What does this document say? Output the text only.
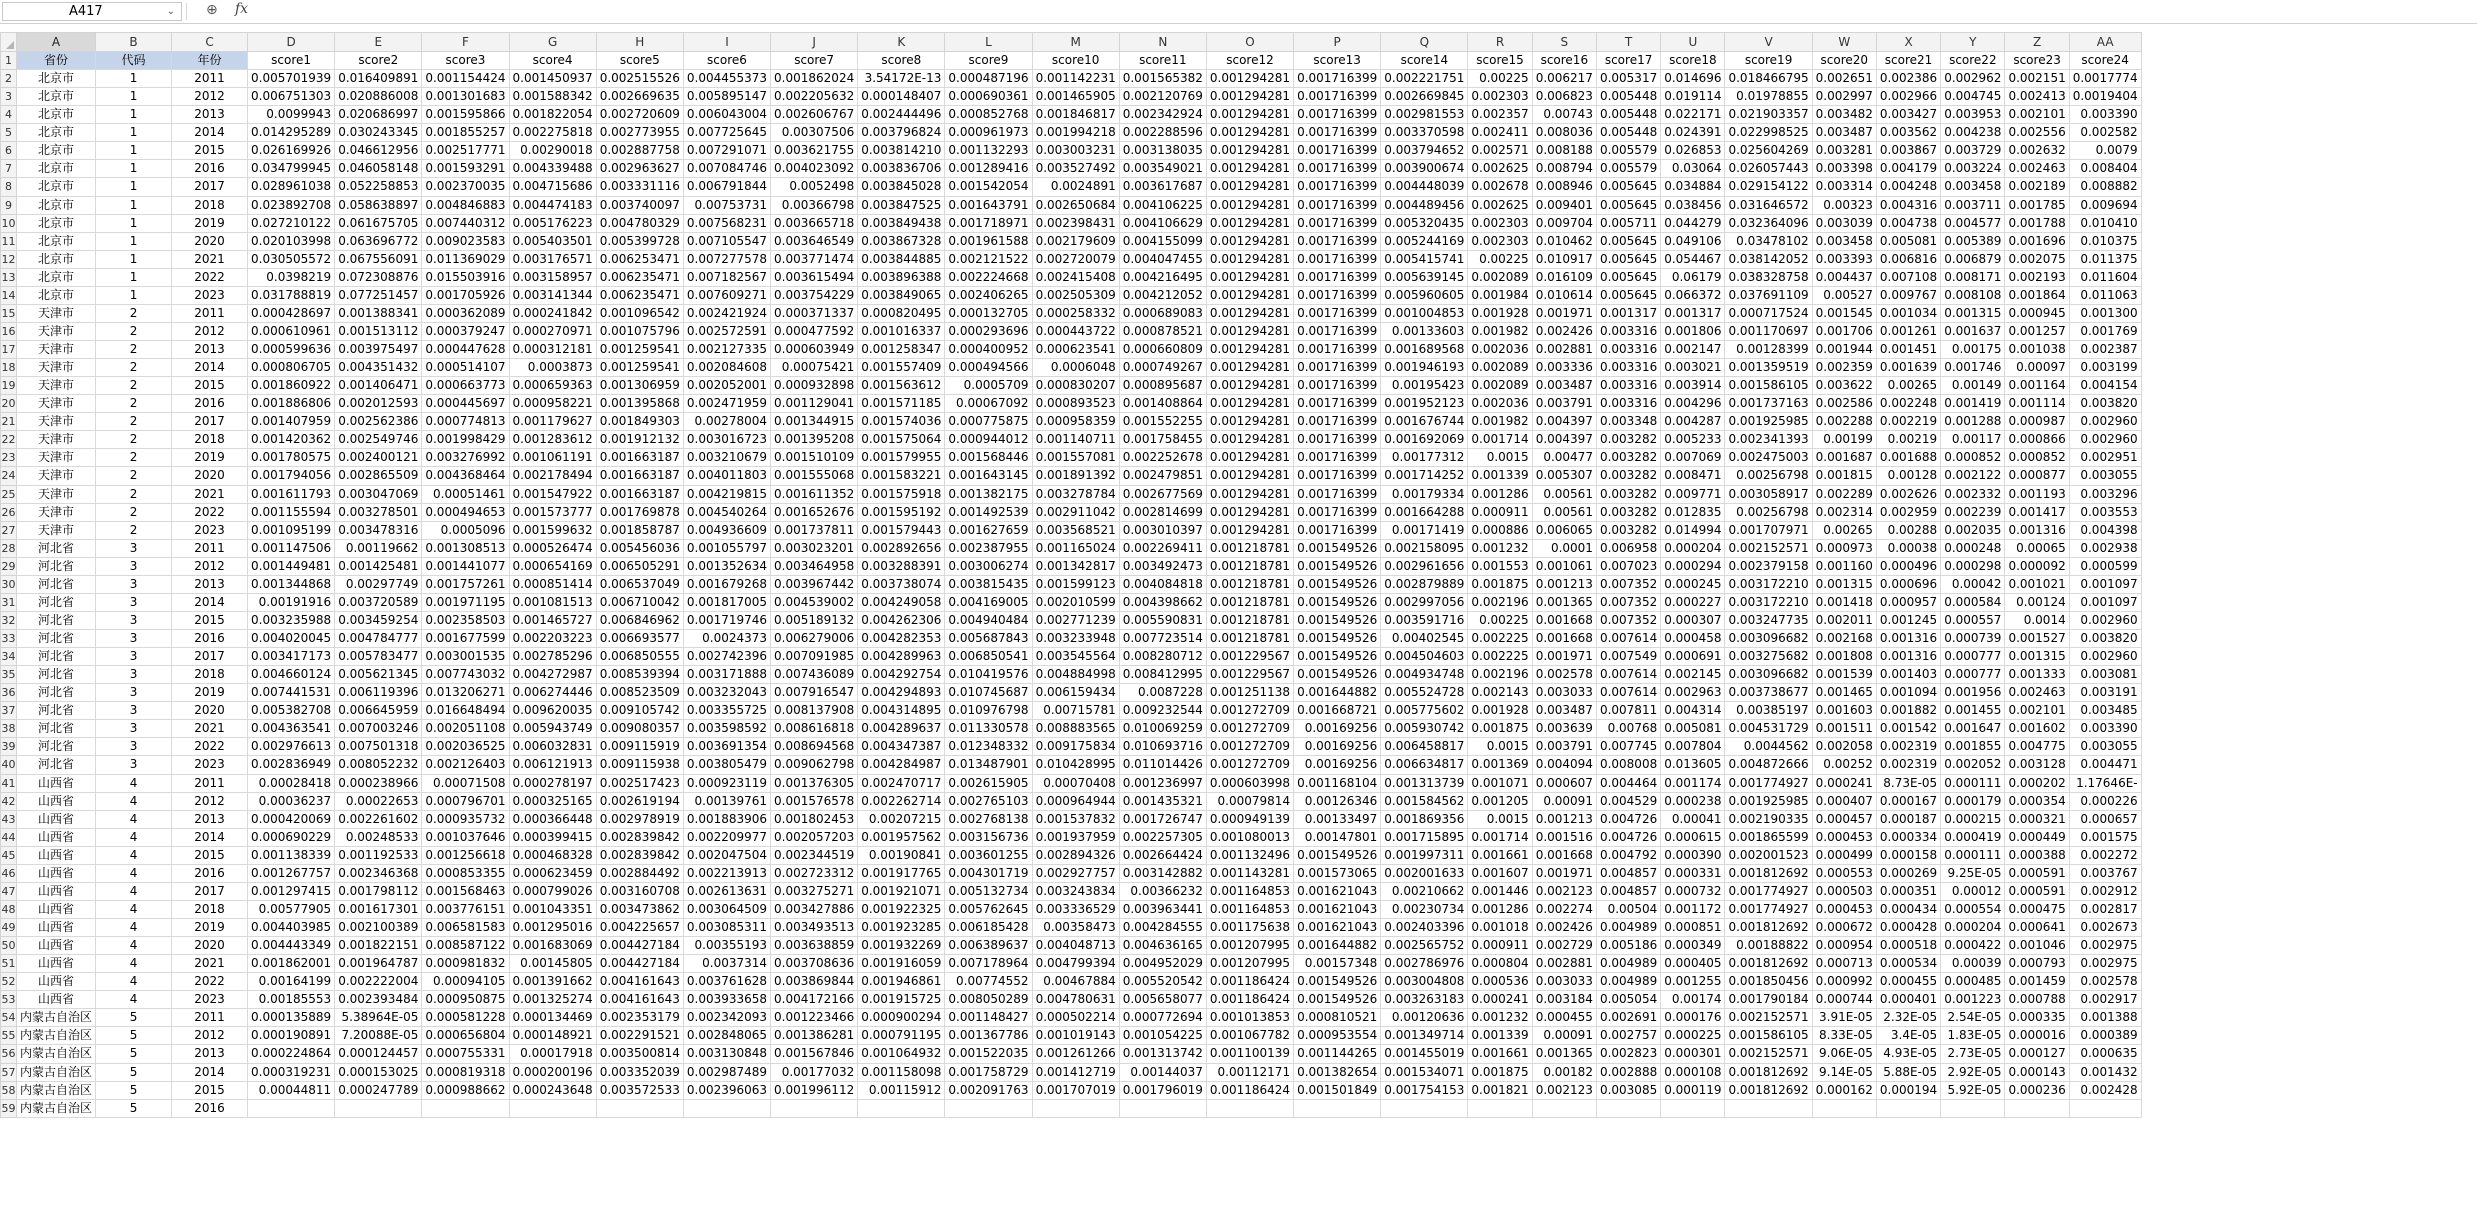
A417	⌄ ⊕ fx
	A	B	C	D	E	F	G	H	I	J	K	L	M	N	O	P	Q	R	S	T	U	V	W	X	Y	Z	AA
1	省份	代码	年份	score1	score2	score3	score4	score5	score6	score7	score8	score9	score10	score11	score12	score13	score14	score15	score16	score17	score18	score19	score20	score21	score22	score23	score24
2	北京市	1	2011	0.005701939	0.016409891	0.001154424	0.001450937	0.002515526	0.004455373	0.001862024	3.54172E-13	0.000487196	0.001142231	0.001565382	0.001294281	0.001716399	0.002221751	0.00225	0.006217	0.005317	0.014696	0.018466795	0.002651	0.002386	0.002962	0.002151	0.0017774
3	北京市	1	2012	0.006751303	0.020886008	0.001301683	0.001588342	0.002669635	0.005895147	0.002205632	0.000148407	0.000690361	0.001465905	0.002120769	0.001294281	0.001716399	0.002669845	0.002303	0.006823	0.005448	0.019114	0.01978855	0.002997	0.002966	0.004745	0.002413	0.0019404
4	北京市	1	2013	0.0099943	0.020686997	0.001595866	0.001822054	0.002720609	0.006043004	0.002606767	0.002444496	0.000852768	0.001846817	0.002342924	0.001294281	0.001716399	0.002981553	0.002357	0.00743	0.005448	0.022171	0.021903357	0.003482	0.003427	0.003953	0.002101	0.003390
5	北京市	1	2014	0.014295289	0.030243345	0.001855257	0.002275818	0.002773955	0.007725645	0.00307506	0.003796824	0.000961973	0.001994218	0.002288596	0.001294281	0.001716399	0.003370598	0.002411	0.008036	0.005448	0.024391	0.022998525	0.003487	0.003562	0.004238	0.002556	0.002582
6	北京市	1	2015	0.026169926	0.046612956	0.002517771	0.00290018	0.002887758	0.007291071	0.003621755	0.003814210	0.001132293	0.003003231	0.003138035	0.001294281	0.001716399	0.003794652	0.002571	0.008188	0.005579	0.026853	0.025604269	0.003281	0.003867	0.003729	0.002632	0.0079
7	北京市	1	2016	0.034799945	0.046058148	0.001593291	0.004339488	0.002963627	0.007084746	0.004023092	0.003836706	0.001289416	0.003527492	0.003549021	0.001294281	0.001716399	0.003900674	0.002625	0.008794	0.005579	0.03064	0.026057443	0.003398	0.004179	0.003224	0.002463	0.008404
8	北京市	1	2017	0.028961038	0.052258853	0.002370035	0.004715686	0.003331116	0.006791844	0.0052498	0.003845028	0.001542054	0.0024891	0.003617687	0.001294281	0.001716399	0.004448039	0.002678	0.008946	0.005645	0.034884	0.029154122	0.003314	0.004248	0.003458	0.002189	0.008882
9	北京市	1	2018	0.023892708	0.058638897	0.004846883	0.004474183	0.003740097	0.00753731	0.00366798	0.003847525	0.001643791	0.002650684	0.004106225	0.001294281	0.001716399	0.004489456	0.002625	0.009401	0.005645	0.038456	0.031646572	0.00323	0.004316	0.003711	0.001785	0.009694
10	北京市	1	2019	0.027210122	0.061675705	0.007440312	0.005176223	0.004780329	0.007568231	0.003665718	0.003849438	0.001718971	0.002398431	0.004106629	0.001294281	0.001716399	0.005320435	0.002303	0.009704	0.005711	0.044279	0.032364096	0.003039	0.004738	0.004577	0.001788	0.010410
11	北京市	1	2020	0.020103998	0.063696772	0.009023583	0.005403501	0.005399728	0.007105547	0.003646549	0.003867328	0.001961588	0.002179609	0.004155099	0.001294281	0.001716399	0.005244169	0.002303	0.010462	0.005645	0.049106	0.03478102	0.003458	0.005081	0.005389	0.001696	0.010375
12	北京市	1	2021	0.030505572	0.067556091	0.011369029	0.003176571	0.006253471	0.007277578	0.003771474	0.003844885	0.002121522	0.002720079	0.004047455	0.001294281	0.001716399	0.005415741	0.00225	0.010917	0.005645	0.054467	0.038142052	0.003393	0.006816	0.006879	0.002075	0.011375
13	北京市	1	2022	0.0398219	0.072308876	0.015503916	0.003158957	0.006235471	0.007182567	0.003615494	0.003896388	0.002224668	0.002415408	0.004216495	0.001294281	0.001716399	0.005639145	0.002089	0.016109	0.005645	0.06179	0.038328758	0.004437	0.007108	0.008171	0.002193	0.011604
14	北京市	1	2023	0.031788819	0.077251457	0.001705926	0.003141344	0.006235471	0.007609271	0.003754229	0.003849065	0.002406265	0.002505309	0.004212052	0.001294281	0.001716399	0.005960605	0.001984	0.010614	0.005645	0.066372	0.037691109	0.00527	0.009767	0.008108	0.001864	0.011063
15	天津市	2	2011	0.000428697	0.001388341	0.000362089	0.000241842	0.001096542	0.002421924	0.000371337	0.000820495	0.000132705	0.000258332	0.000689083	0.001294281	0.001716399	0.001004853	0.001928	0.001971	0.001317	0.001317	0.000717524	0.001545	0.001034	0.001315	0.000945	0.001300
16	天津市	2	2012	0.000610961	0.001513112	0.000379247	0.000270971	0.001075796	0.002572591	0.000477592	0.001016337	0.000293696	0.000443722	0.000878521	0.001294281	0.001716399	0.00133603	0.001982	0.002426	0.003316	0.001806	0.001170697	0.001706	0.001261	0.001637	0.001257	0.001769
17	天津市	2	2013	0.000599636	0.003975497	0.000447628	0.000312181	0.001259541	0.002127335	0.000603949	0.001258347	0.000400952	0.000623541	0.000660809	0.001294281	0.001716399	0.001689568	0.002036	0.002881	0.003316	0.002147	0.00128399	0.001944	0.001451	0.00175	0.001038	0.002387
18	天津市	2	2014	0.000806705	0.004351432	0.000514107	0.0003873	0.001259541	0.002084608	0.00075421	0.001557409	0.000494566	0.0006048	0.000749267	0.001294281	0.001716399	0.001946193	0.002089	0.003336	0.003316	0.003021	0.001359519	0.002359	0.001639	0.001746	0.00097	0.003199
19	天津市	2	2015	0.001860922	0.001406471	0.000663773	0.000659363	0.001306959	0.002052001	0.000932898	0.001563612	0.0005709	0.000830207	0.000895687	0.001294281	0.001716399	0.00195423	0.002089	0.003487	0.003316	0.003914	0.001586105	0.003622	0.00265	0.00149	0.001164	0.004154
20	天津市	2	2016	0.001886806	0.002012593	0.000445697	0.000958221	0.001395868	0.002471959	0.001129041	0.001571185	0.00067092	0.000893523	0.001408864	0.001294281	0.001716399	0.001952123	0.002036	0.003791	0.003316	0.004296	0.001737163	0.002586	0.002248	0.001419	0.001114	0.003820
21	天津市	2	2017	0.001407959	0.002562386	0.000774813	0.001179627	0.001849303	0.00278004	0.001344915	0.001574036	0.000775875	0.000958359	0.001552255	0.001294281	0.001716399	0.001676744	0.001982	0.004397	0.003348	0.004287	0.001925985	0.002288	0.002219	0.001288	0.000987	0.002960
22	天津市	2	2018	0.001420362	0.002549746	0.001998429	0.001283612	0.001912132	0.003016723	0.001395208	0.001575064	0.000944012	0.001140711	0.001758455	0.001294281	0.001716399	0.001692069	0.001714	0.004397	0.003282	0.005233	0.002341393	0.00199	0.00219	0.00117	0.000866	0.002960
23	天津市	2	2019	0.001780575	0.002400121	0.003276992	0.001061191	0.001663187	0.003210679	0.001510109	0.001579955	0.001568446	0.001557081	0.002252678	0.001294281	0.001716399	0.00177312	0.0015	0.00477	0.003282	0.007069	0.002475003	0.001687	0.001688	0.000852	0.000852	0.002951
24	天津市	2	2020	0.001794056	0.002865509	0.004368464	0.002178494	0.001663187	0.004011803	0.001555068	0.001583221	0.001643145	0.001891392	0.002479851	0.001294281	0.001716399	0.001714252	0.001339	0.005307	0.003282	0.008471	0.00256798	0.001815	0.00128	0.002122	0.000877	0.003055
25	天津市	2	2021	0.001611793	0.003047069	0.00051461	0.001547922	0.001663187	0.004219815	0.001611352	0.001575918	0.001382175	0.003278784	0.002677569	0.001294281	0.001716399	0.00179334	0.001286	0.00561	0.003282	0.009771	0.003058917	0.002289	0.002626	0.002332	0.001193	0.003296
26	天津市	2	2022	0.001155594	0.003278501	0.000494653	0.001573777	0.001769878	0.004540264	0.001652676	0.001595192	0.001492539	0.002911042	0.002814699	0.001294281	0.001716399	0.001664288	0.000911	0.00561	0.003282	0.012835	0.00256798	0.002314	0.002959	0.002239	0.001417	0.003553
27	天津市	2	2023	0.001095199	0.003478316	0.0005096	0.001599632	0.001858787	0.004936609	0.001737811	0.001579443	0.001627659	0.003568521	0.003010397	0.001294281	0.001716399	0.00171419	0.000886	0.006065	0.003282	0.014994	0.001707971	0.00265	0.00288	0.002035	0.001316	0.004398
28	河北省	3	2011	0.001147506	0.00119662	0.001308513	0.000526474	0.005456036	0.001055797	0.003023201	0.002892656	0.002387955	0.001165024	0.002269411	0.001218781	0.001549526	0.002158095	0.001232	0.0001	0.006958	0.000204	0.002152571	0.000973	0.00038	0.000248	0.00065	0.002938
29	河北省	3	2012	0.001449481	0.001425481	0.001441077	0.000654169	0.006505291	0.001352634	0.003464958	0.003288391	0.003006274	0.001342817	0.003492473	0.001218781	0.001549526	0.002961656	0.001553	0.001061	0.007023	0.000294	0.002379158	0.001160	0.000496	0.000298	0.000092	0.000599
30	河北省	3	2013	0.001344868	0.00297749	0.001757261	0.000851414	0.006537049	0.001679268	0.003967442	0.003738074	0.003815435	0.001599123	0.004084818	0.001218781	0.001549526	0.002879889	0.001875	0.001213	0.007352	0.000245	0.003172210	0.001315	0.000696	0.00042	0.001021	0.001097
31	河北省	3	2014	0.00191916	0.003720589	0.001971195	0.001081513	0.006710042	0.001817005	0.004539002	0.004249058	0.004169005	0.002010599	0.004398662	0.001218781	0.001549526	0.002997056	0.002196	0.001365	0.007352	0.000227	0.003172210	0.001418	0.000957	0.000584	0.00124	0.001097
32	河北省	3	2015	0.003235988	0.003459254	0.002358503	0.001465727	0.006846962	0.001719746	0.005189132	0.004262306	0.004940484	0.002771239	0.005590831	0.001218781	0.001549526	0.003591716	0.00225	0.001668	0.007352	0.000307	0.003247735	0.002011	0.001245	0.000557	0.0014	0.002960
33	河北省	3	2016	0.004020045	0.004784777	0.001677599	0.002203223	0.006693577	0.0024373	0.006279006	0.004282353	0.005687843	0.003233948	0.007723514	0.001218781	0.001549526	0.00402545	0.002225	0.001668	0.007614	0.000458	0.003096682	0.002168	0.001316	0.000739	0.001527	0.003820
34	河北省	3	2017	0.003417173	0.005783477	0.003001535	0.002785296	0.006850555	0.002742396	0.007091985	0.004289963	0.006850541	0.003545564	0.008280712	0.001229567	0.001549526	0.004504603	0.002225	0.001971	0.007549	0.000691	0.003275682	0.001808	0.001316	0.000777	0.001315	0.002960
35	河北省	3	2018	0.004660124	0.005621345	0.007743032	0.004272987	0.008539394	0.003171888	0.007436089	0.004292754	0.010419576	0.004884998	0.008412995	0.001229567	0.001549526	0.004934748	0.002196	0.002578	0.007614	0.002145	0.003096682	0.001539	0.001403	0.000777	0.001333	0.003081
36	河北省	3	2019	0.007441531	0.006119396	0.013206271	0.006274446	0.008523509	0.003232043	0.007916547	0.004294893	0.010745687	0.006159434	0.0087228	0.001251138	0.001644882	0.005524728	0.002143	0.003033	0.007614	0.002963	0.003738677	0.001465	0.001094	0.001956	0.002463	0.003191
37	河北省	3	2020	0.005382708	0.006645959	0.016648494	0.009620035	0.009105742	0.003355725	0.008137908	0.004314895	0.010976798	0.00715781	0.009232544	0.001272709	0.001668721	0.005775602	0.001928	0.003487	0.007811	0.004314	0.00385197	0.001603	0.001882	0.001455	0.002101	0.003485
38	河北省	3	2021	0.004363541	0.007003246	0.002051108	0.005943749	0.009080357	0.003598592	0.008616818	0.004289637	0.011330578	0.008883565	0.010069259	0.001272709	0.00169256	0.005930742	0.001875	0.003639	0.00768	0.005081	0.004531729	0.001511	0.001542	0.001647	0.001602	0.003390
39	河北省	3	2022	0.002976613	0.007501318	0.002036525	0.006032831	0.009115919	0.003691354	0.008694568	0.004347387	0.012348332	0.009175834	0.010693716	0.001272709	0.00169256	0.006458817	0.0015	0.003791	0.007745	0.007804	0.0044562	0.002058	0.002319	0.001855	0.004775	0.003055
40	河北省	3	2023	0.002836949	0.008052232	0.002126403	0.006121913	0.009115938	0.003805479	0.009062798	0.004284987	0.013487901	0.010428995	0.011014426	0.001272709	0.00169256	0.006634817	0.001369	0.004094	0.008008	0.013605	0.004872666	0.00252	0.002319	0.002052	0.003128	0.004471
41	山西省	4	2011	0.00028418	0.000238966	0.00071508	0.000278197	0.002517423	0.000923119	0.001376305	0.002470717	0.002615905	0.00070408	0.001236997	0.000603998	0.001168104	0.001313739	0.001071	0.000607	0.004464	0.001174	0.001774927	0.000241	8.73E-05	0.000111	0.000202	1.17646E-
42	山西省	4	2012	0.00036237	0.00022653	0.000796701	0.000325165	0.002619194	0.00139761	0.001576578	0.002262714	0.002765103	0.000964944	0.001435321	0.00079814	0.00126346	0.001584562	0.001205	0.00091	0.004529	0.000238	0.001925985	0.000407	0.000167	0.000179	0.000354	0.000226
43	山西省	4	2013	0.000420069	0.002261602	0.000935732	0.000366448	0.002978919	0.001883906	0.001802453	0.00207215	0.002768138	0.001537832	0.001726747	0.000949139	0.00133497	0.001869356	0.0015	0.001213	0.004726	0.00041	0.002190335	0.000457	0.000187	0.000215	0.000321	0.000657
44	山西省	4	2014	0.000690229	0.00248533	0.001037646	0.000399415	0.002839842	0.002209977	0.002057203	0.001957562	0.003156736	0.001937959	0.002257305	0.001080013	0.00147801	0.001715895	0.001714	0.001516	0.004726	0.000615	0.001865599	0.000453	0.000334	0.000419	0.000449	0.001575
45	山西省	4	2015	0.001138339	0.001192533	0.001256618	0.000468328	0.002839842	0.002047504	0.002344519	0.00190841	0.003601255	0.002894326	0.002664424	0.001132496	0.001549526	0.001997311	0.001661	0.001668	0.004792	0.000390	0.002001523	0.000499	0.000158	0.000111	0.000388	0.002272
46	山西省	4	2016	0.001267757	0.002346368	0.000853355	0.000623459	0.002884492	0.002213913	0.002723312	0.001917765	0.004301719	0.002927757	0.003142882	0.001143281	0.001573065	0.002001633	0.001607	0.001971	0.004857	0.000331	0.001812692	0.000553	0.000269	9.25E-05	0.000591	0.003767
47	山西省	4	2017	0.001297415	0.001798112	0.001568463	0.000799026	0.003160708	0.002613631	0.003275271	0.001921071	0.005132734	0.003243834	0.00366232	0.001164853	0.001621043	0.00210662	0.001446	0.002123	0.004857	0.000732	0.001774927	0.000503	0.000351	0.00012	0.000591	0.002912
48	山西省	4	2018	0.00577905	0.001617301	0.003776151	0.001043351	0.003473862	0.003064509	0.003427886	0.001922325	0.005762645	0.003336529	0.003963441	0.001164853	0.001621043	0.00230734	0.001286	0.002274	0.00504	0.001172	0.001774927	0.000453	0.000434	0.000554	0.000475	0.002817
49	山西省	4	2019	0.004403985	0.002100389	0.006581583	0.001295016	0.004225657	0.003085311	0.003493513	0.001923285	0.006185428	0.00358473	0.004284555	0.001175638	0.001621043	0.002403396	0.001018	0.002426	0.004989	0.000851	0.001812692	0.000672	0.000428	0.000204	0.000641	0.002673
50	山西省	4	2020	0.004443349	0.001822151	0.008587122	0.001683069	0.004427184	0.00355193	0.003638859	0.001932269	0.006389637	0.004048713	0.004636165	0.001207995	0.001644882	0.002565752	0.000911	0.002729	0.005186	0.000349	0.00188822	0.000954	0.000518	0.000422	0.001046	0.002975
51	山西省	4	2021	0.001862001	0.001964787	0.000981832	0.00145805	0.004427184	0.0037314	0.003708636	0.001916059	0.007178964	0.004799394	0.004952029	0.001207995	0.00157348	0.002786976	0.000804	0.002881	0.004989	0.000405	0.001812692	0.000713	0.000534	0.00039	0.000793	0.002975
52	山西省	4	2022	0.00164199	0.002222004	0.00094105	0.001391662	0.004161643	0.003761628	0.003869844	0.001946861	0.00774552	0.00467884	0.005520542	0.001186424	0.001549526	0.003004808	0.000536	0.003033	0.004989	0.001255	0.001850456	0.000992	0.000455	0.000485	0.001459	0.002578
53	山西省	4	2023	0.00185553	0.002393484	0.000950875	0.001325274	0.004161643	0.003933658	0.004172166	0.001915725	0.008050289	0.004780631	0.005658077	0.001186424	0.001549526	0.003263183	0.000241	0.003184	0.005054	0.00174	0.001790184	0.000744	0.000401	0.001223	0.000788	0.002917
54	内蒙古自治区	5	2011	0.000135889	5.38964E-05	0.000581228	0.000134469	0.002353179	0.002342093	0.001223466	0.000900294	0.001148427	0.000502214	0.000772694	0.001013853	0.000810521	0.00120636	0.001232	0.000455	0.002691	0.000176	0.002152571	3.91E-05	2.32E-05	2.54E-05	0.000335	0.001388
55	内蒙古自治区	5	2012	0.000190891	7.20088E-05	0.000656804	0.000148921	0.002291521	0.002848065	0.001386281	0.000791195	0.001367786	0.001019143	0.001054225	0.001067782	0.000953554	0.001349714	0.001339	0.00091	0.002757	0.000225	0.001586105	8.33E-05	3.4E-05	1.83E-05	0.000016	0.000389
56	内蒙古自治区	5	2013	0.000224864	0.000124457	0.000755331	0.00017918	0.003500814	0.003130848	0.001567846	0.001064932	0.001522035	0.001261266	0.001313742	0.001100139	0.001144265	0.001455019	0.001661	0.001365	0.002823	0.000301	0.002152571	9.06E-05	4.93E-05	2.73E-05	0.000127	0.000635
57	内蒙古自治区	5	2014	0.000319231	0.000153025	0.000819318	0.000200196	0.003352039	0.002987489	0.00177032	0.001158098	0.001758729	0.001412719	0.00144037	0.00112171	0.001382654	0.001534071	0.001875	0.00182	0.002888	0.000108	0.001812692	9.14E-05	5.88E-05	2.92E-05	0.000143	0.001432
58	内蒙古自治区	5	2015	0.00044811	0.000247789	0.000988662	0.000243648	0.003572533	0.002396063	0.001996112	0.00115912	0.002091763	0.001707019	0.001796019	0.001186424	0.001501849	0.001754153	0.001821	0.002123	0.003085	0.000119	0.001812692	0.000162	0.000194	5.92E-05	0.000236	0.002428
59	内蒙古自治区	5	2016																								
